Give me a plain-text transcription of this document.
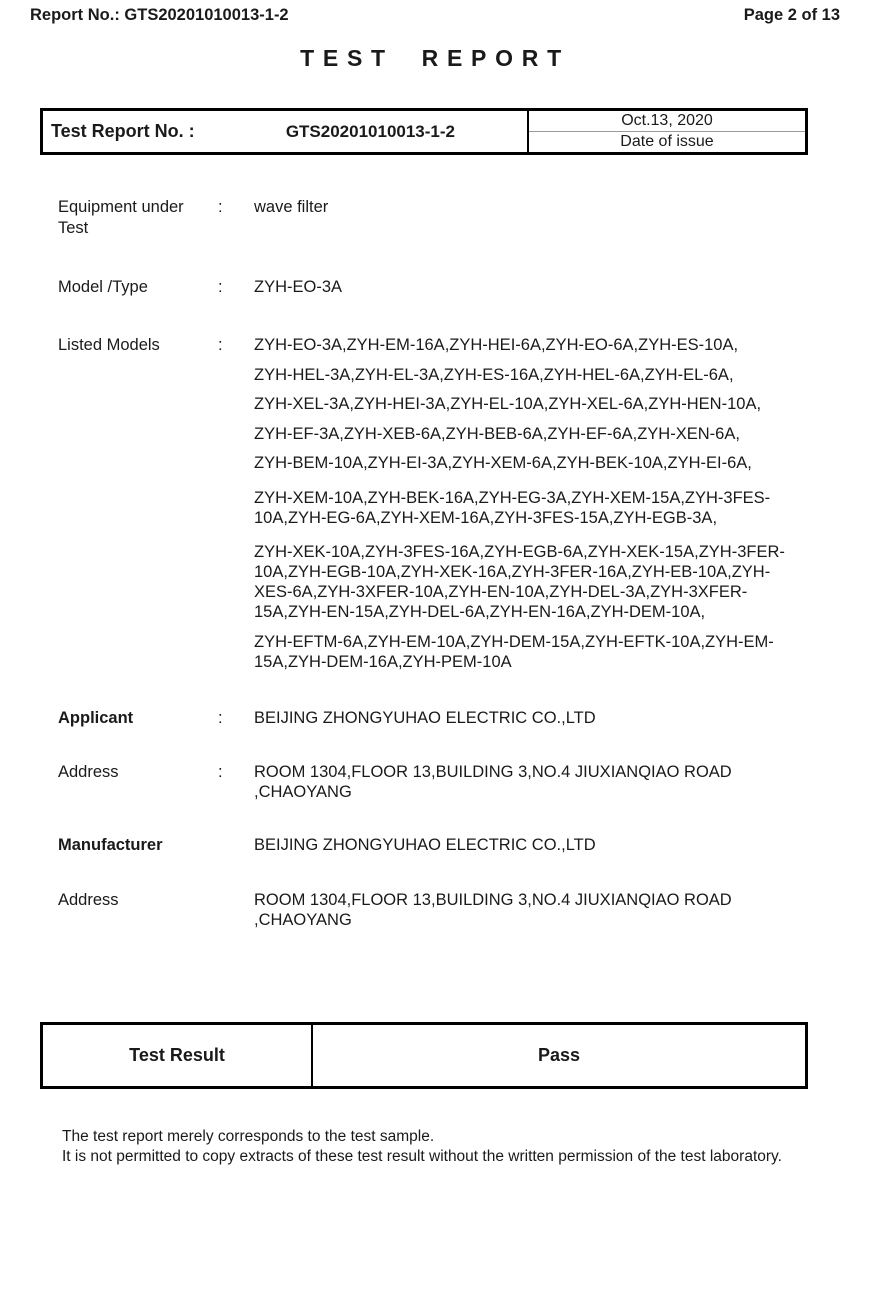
Report No.: GTS20201010013-1-2	Page 2 of 13
TEST REPORT
Test Report No. :	GTS20201010013-1-2
Oct.13, 2020
Date of issue
Equipment under Test
:	wave filter
Model /Type	:	ZYH-EO-3A
Listed Models	:	ZYH-EO-3A,ZYH-EM-16A,ZYH-HEI-6A,ZYH-EO-6A,ZYH-ES-10A,

ZYH-HEL-3A,ZYH-EL-3A,ZYH-ES-16A,ZYH-HEL-6A,ZYH-EL-6A,

ZYH-XEL-3A,ZYH-HEI-3A,ZYH-EL-10A,ZYH-XEL-6A,ZYH-HEN-10A,

ZYH-EF-3A,ZYH-XEB-6A,ZYH-BEB-6A,ZYH-EF-6A,ZYH-XEN-6A,

ZYH-BEM-10A,ZYH-EI-3A,ZYH-XEM-6A,ZYH-BEK-10A,ZYH-EI-6A,

ZYH-XEM-10A,ZYH-BEK-16A,ZYH-EG-3A,ZYH-XEM-15A,ZYH-3FES-10A,ZYH-EG-6A,ZYH-XEM-16A,ZYH-3FES-15A,ZYH-EGB-3A,

ZYH-XEK-10A,ZYH-3FES-16A,ZYH-EGB-6A,ZYH-XEK-15A,ZYH-3FER-10A,ZYH-EGB-10A,ZYH-XEK-16A,ZYH-3FER-16A,ZYH-EB-10A,ZYH-XES-6A,ZYH-3XFER-10A,ZYH-EN-10A,ZYH-DEL-3A,ZYH-3XFER-15A,ZYH-EN-15A,ZYH-DEL-6A,ZYH-EN-16A,ZYH-DEM-10A,

ZYH-EFTM-6A,ZYH-EM-10A,ZYH-DEM-15A,ZYH-EFTK-10A,ZYH-EM-15A,ZYH-DEM-16A,ZYH-PEM-10A

Applicant	:	BEIJING ZHONGYUHAO ELECTRIC CO.,LTD
Address	:	ROOM 1304,FLOOR 13,BUILDING 3,NO.4 JIUXIANQIAO ROAD ,CHAOYANG
Manufacturer	BEIJING ZHONGYUHAO ELECTRIC CO.,LTD
Address	ROOM 1304,FLOOR 13,BUILDING 3,NO.4 JIUXIANQIAO ROAD ,CHAOYANG
Test Result	Pass

The test report merely corresponds to the test sample.

It is not permitted to copy extracts of these test result without the written permission of the test laboratory.
